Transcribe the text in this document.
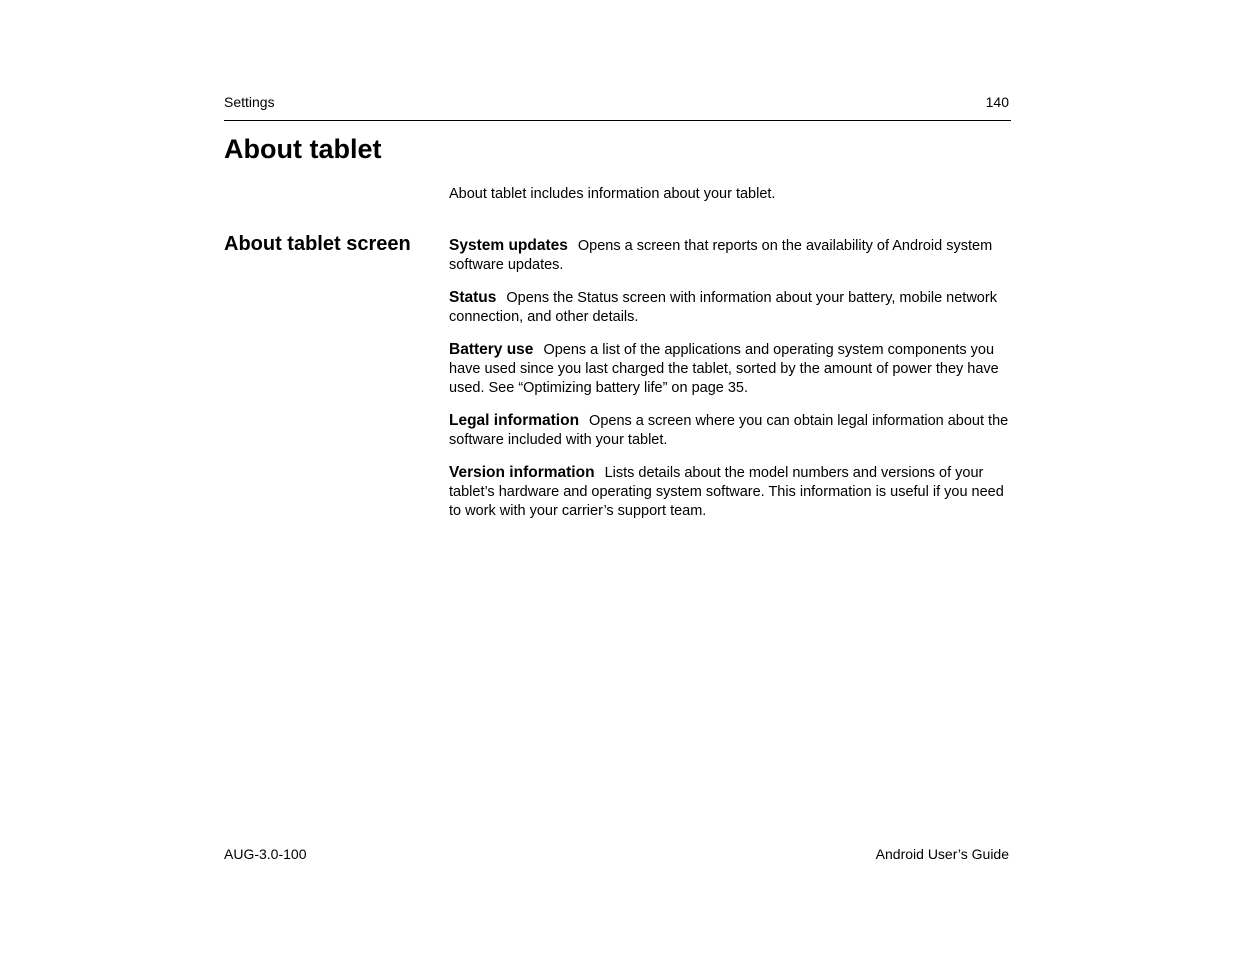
Settings	140
About tablet

About tablet includes information about your tablet.

About tablet screen System updates Opens a screen that reports on the availability of Android system software updates.

Status Opens the Status screen with information about your battery, mobile network connection, and other details.

Battery use Opens a list of the applications and operating system components you have used since you last charged the tablet, sorted by the amount of power they have used. See “Optimizing battery life” on page 35.

Legal information Opens a screen where you can obtain legal information about the software included with your tablet.

Version information Lists details about the model numbers and versions of your tablet’s hardware and operating system software. This information is useful if you need to work with your carrier’s support team.

AUG-3.0-100	Android User’s Guide
